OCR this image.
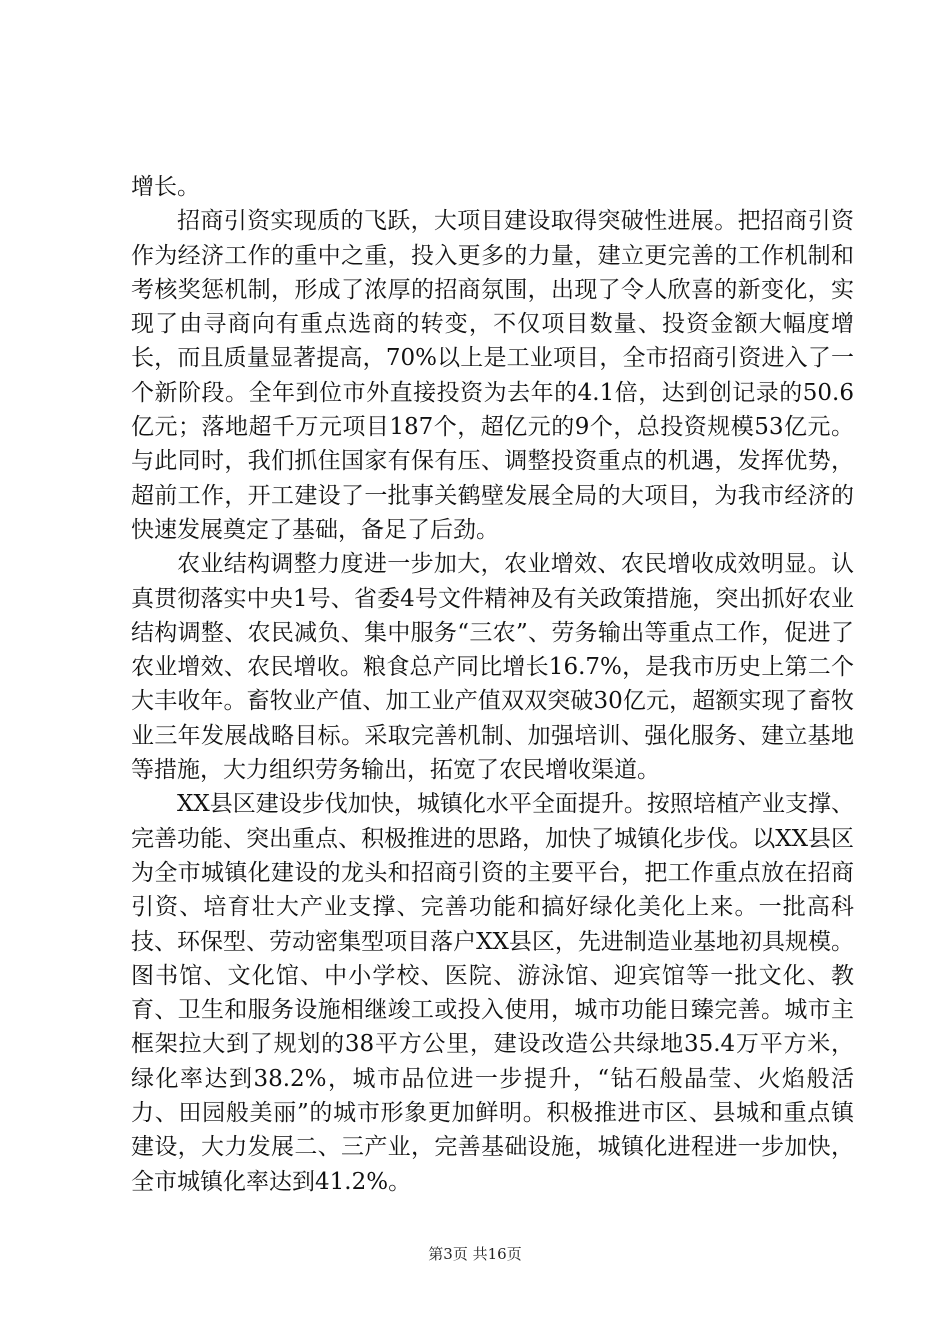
增长。

招商引资实现质的飞跃，大项目建设取得突破性进展。把招商引资作为经济工作的重中之重，投入更多的力量，建立更完善的工作机制和考核奖惩机制，形成了浓厚的招商氛围，出现了令人欣喜的新变化，实现了由寻商向有重点选商的转变，不仅项目数量、投资金额大幅度增长，而且质量显著提高，70%以上是工业项目，全市招商引资进入了一个新阶段。全年到位市外直接投资为去年的4.1倍，达到创记录的50.6亿元；落地超千万元项目187个，超亿元的9个，总投资规模53亿元。与此同时，我们抓住国家有保有压、调整投资重点的机遇，发挥优势，超前工作，开工建设了一批事关鹤壁发展全局的大项目，为我市经济的快速发展奠定了基础，备足了后劲。

农业结构调整力度进一步加大，农业增效、农民增收成效明显。认真贯彻落实中央1号、省委4号文件精神及有关政策措施，突出抓好农业结构调整、农民减负、集中服务“三农”、劳务输出等重点工作，促进了农业增效、农民增收。粮食总产同比增长16.7%，是我市历史上第二个大丰收年。畜牧业产值、加工业产值双双突破30亿元，超额实现了畜牧业三年发展战略目标。采取完善机制、加强培训、强化服务、建立基地等措施，大力组织劳务输出，拓宽了农民增收渠道。

XX县区建设步伐加快，城镇化水平全面提升。按照培植产业支撑、完善功能、突出重点、积极推进的思路，加快了城镇化步伐。以XX县区为全市城镇化建设的龙头和招商引资的主要平台，把工作重点放在招商引资、培育壮大产业支撑、完善功能和搞好绿化美化上来。一批高科技、环保型、劳动密集型项目落户XX县区，先进制造业基地初具规模。图书馆、文化馆、中小学校、医院、游泳馆、迎宾馆等一批文化、教育、卫生和服务设施相继竣工或投入使用，城市功能日臻完善。城市主框架拉大到了规划的38平方公里，建设改造公共绿地35.4万平方米，绿化率达到38.2%，城市品位进一步提升，“钻石般晶莹、火焰般活力、田园般美丽”的城市形象更加鲜明。积极推进市区、县城和重点镇建设，大力发展二、三产业，完善基础设施，城镇化进程进一步加快，全市城镇化率达到41.2%。

第3页 共16页
